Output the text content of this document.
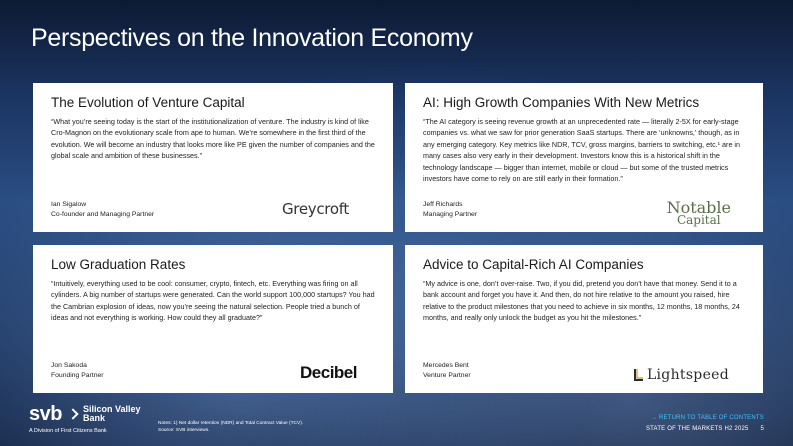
Perspectives on the Innovation Economy
The Evolution of Venture Capital

“What you’re seeing today is the start of the institutionalization of venture. The industry is kind of like Cro-Magnon on the evolutionary scale from ape to human. We’re somewhere in the first third of the evolution. We will become an industry that looks more like PE given the number of companies and the global scale and ambition of these businesses.”

Ian Sigalow
Co-founder and Managing Partner	Greycroft
AI: High Growth Companies With New Metrics

“The AI category is seeing revenue growth at an unprecedented rate — literally 2-5X for early-stage companies vs. what we saw for prior generation SaaS startups. There are ‘unknowns,’ though, as in any emerging category. Key metrics like NDR, TCV, gross margins, barriers to switching, etc.¹ are in many cases also very early in their development. Investors know this is a historical shift in the technology landscape — bigger than internet, mobile or cloud — but some of the trusted metrics investors have come to rely on are still early in their formation.”

Jeff Richards
Managing Partner	Notable
Capital
Low Graduation Rates

“Intuitively, everything used to be cool: consumer, crypto, fintech, etc. Everything was firing on all cylinders. A big number of startups were generated. Can the world support 100,000 startups? You had the Cambrian explosion of ideas, now you’re seeing the natural selection. People tried a bunch of ideas and not everything is working. How could they all graduate?”

Jon Sakoda
Founding Partner	Decibel
Advice to Capital-Rich AI Companies

“My advice is one, don’t over-raise. Two, if you did, pretend you don’t have that money. Send it to a bank account and forget you have it. And then, do not hire relative to the amount you raised, hire relative to the product milestones that you need to achieve in six months, 12 months, 18 months, 24 months, and really only unlock the budget as you hit the milestones.”

Mercedes Bent
Venture Partner	Lightspeed
svb Silicon Valley
Bank
A Division of First Citizens Bank
Notes: 1) Net dollar retention (NDR) and Total Contract Value (TCV).
Source: SVB interviews.
→ RETURN TO TABLE OF CONTENTS
STATE OF THE MARKETS H2 2025 5
